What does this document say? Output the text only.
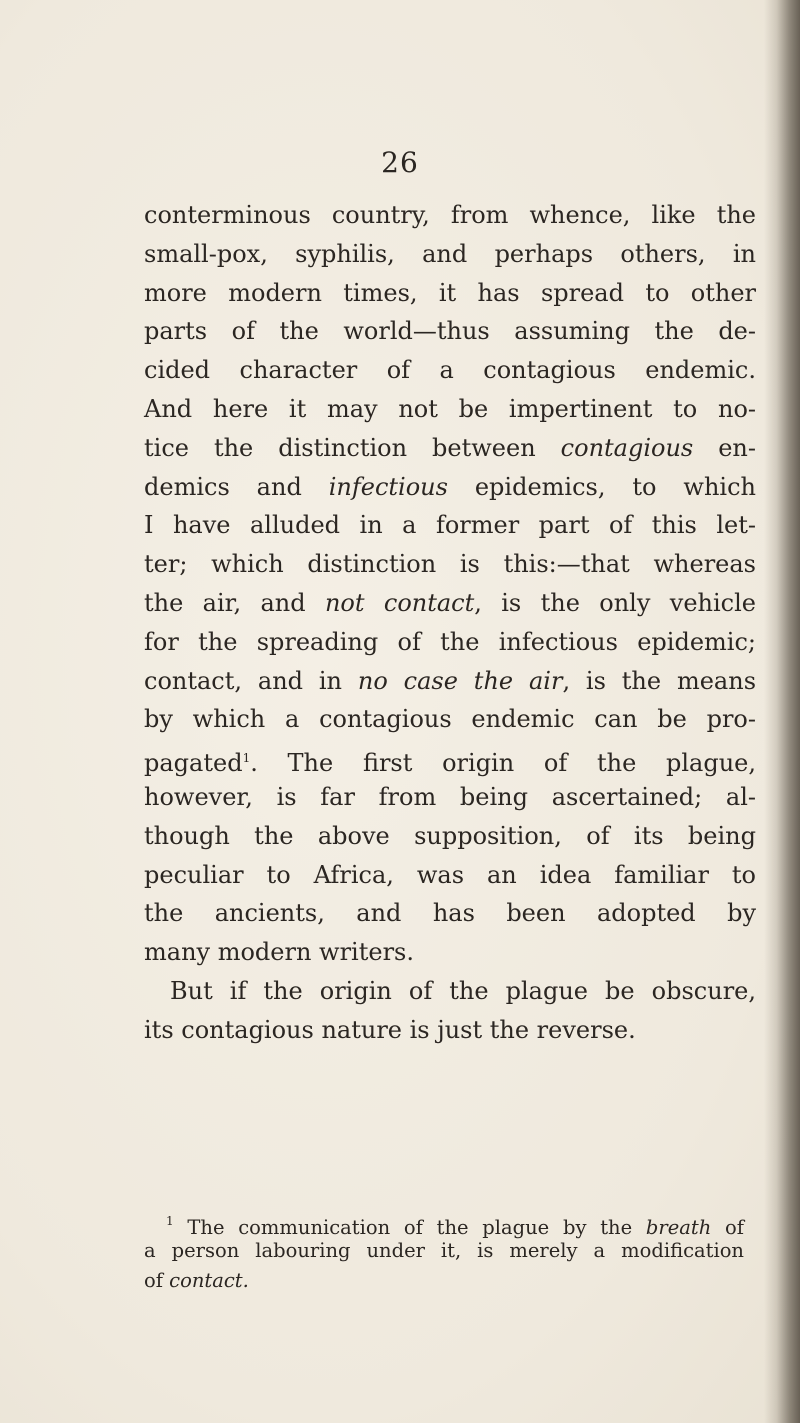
26
conterminous country, from whence, like the
small-pox, syphilis, and perhaps others, in
more modern times, it has spread to other
parts of the world—thus assuming the de-
cided character of a contagious endemic.
And here it may not be impertinent to no-
tice the distinction between contagious en-
demics and infectious epidemics, to which
I have alluded in a former part of this let-
ter; which distinction is this:—that whereas
the air, and not contact, is the only vehicle
for the spreading of the infectious epidemic;
contact, and in no case the air, is the means
by which a contagious endemic can be pro-
pagated$^1$. The first origin of the plague,
however, is far from being ascertained; al-
though the above supposition, of its being
peculiar to Africa, was an idea familiar to
the ancients, and has been adopted by
many modern writers.
But if the origin of the plague be obscure,
its contagious nature is just the reverse.
$^1$ The communication of the plague by the breath of
a person labouring under it, is merely a modification
of contact.
